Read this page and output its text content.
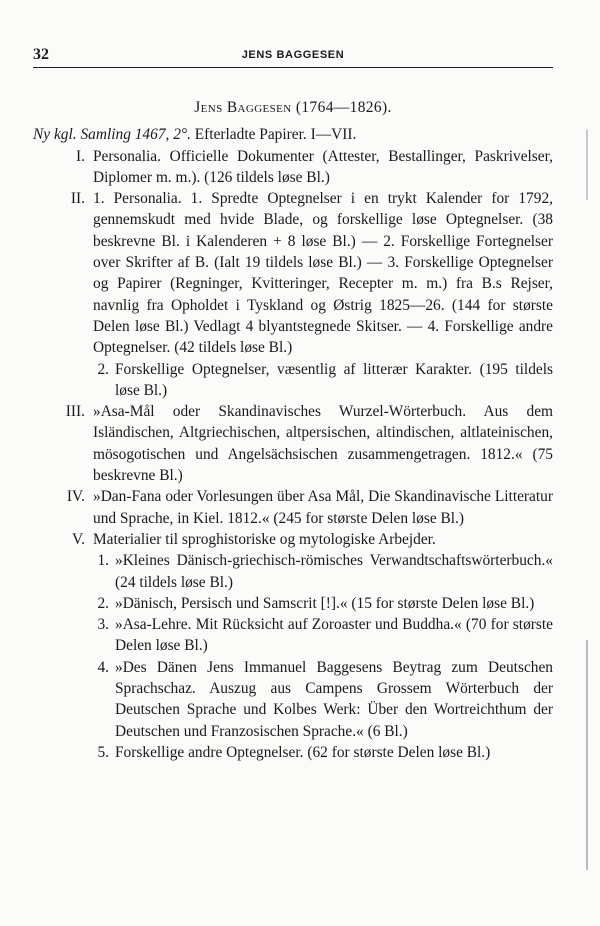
32	JENS BAGGESEN
Jens Baggesen (1764—1826).
Ny kgl. Samling 1467, 2°. Efterladte Papirer. I—VII.
I. Personalia. Officielle Dokumenter (Attester, Bestallinger, Paskrivelser, Diplomer m. m.). (126 tildels løse Bl.)
II. 1. Personalia. 1. Spredte Optegnelser i en trykt Kalender for 1792, gennemskudt med hvide Blade, og forskellige løse Optegnelser. (38 beskrevne Bl. i Kalenderen + 8 løse Bl.) — 2. Forskellige Fortegnelser over Skrifter af B. (Ialt 19 tildels løse Bl.) — 3. Forskellige Optegnelser og Papirer (Regninger, Kvitteringer, Recepter m. m.) fra B.s Rejser, navnlig fra Opholdet i Tyskland og Østrig 1825—26. (144 for største Delen løse Bl.) Vedlagt 4 blyantstegnede Skitser. — 4. Forskellige andre Optegnelser. (42 tildels løse Bl.)
2. Forskellige Optegnelser, væsentlig af litterær Karakter. (195 tildels løse Bl.)
III. »Asa-Mål oder Skandinavisches Wurzel-Wörterbuch. Aus dem Isländischen, Altgriechischen, altpersischen, altindischen, altlateinischen, mösogotischen und Angelsächsischen zusammengetragen. 1812.« (75 beskrevne Bl.)
IV. »Dan-Fana oder Vorlesungen über Asa Mål, Die Skandinavische Litteratur und Sprache, in Kiel. 1812.« (245 for største Delen løse Bl.)
V. Materialier til sproghistoriske og mytologiske Arbejder.
1. »Kleines Dänisch-griechisch-römisches Verwandtschaftswörterbuch.« (24 tildels løse Bl.)
2. »Dänisch, Persisch und Samscrit [!].« (15 for største Delen løse Bl.)
3. »Asa-Lehre. Mit Rücksicht auf Zoroaster und Buddha.« (70 for største Delen løse Bl.)
4. »Des Dänen Jens Immanuel Baggesens Beytrag zum Deutschen Sprachschaz. Auszug aus Campens Grossem Wörterbuch der Deutschen Sprache und Kolbes Werk: Über den Wortreichthum der Deutschen und Franzosischen Sprache.« (6 Bl.)
5. Forskellige andre Optegnelser. (62 for største Delen løse Bl.)
